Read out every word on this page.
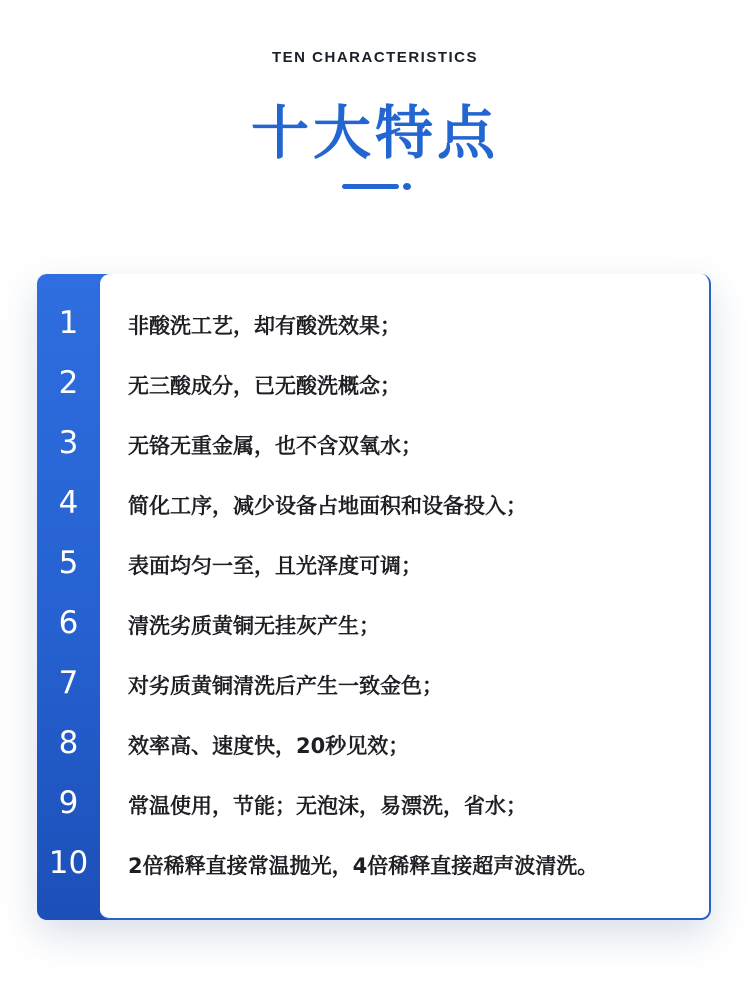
TEN CHARACTERISTICS
十大特点
1	非酸洗工艺，却有酸洗效果；
2	无三酸成分，已无酸洗概念；
3	无铬无重金属，也不含双氧水；
4	简化工序，减少设备占地面积和设备投入；
5	表面均匀一至，且光泽度可调；
6	清洗劣质黄铜无挂灰产生；
7	对劣质黄铜清洗后产生一致金色；
8	效率高、速度快，20秒见效；
9	常温使用，节能；无泡沫，易漂洗，省水；
10	2倍稀释直接常温抛光，4倍稀释直接超声波清洗。
